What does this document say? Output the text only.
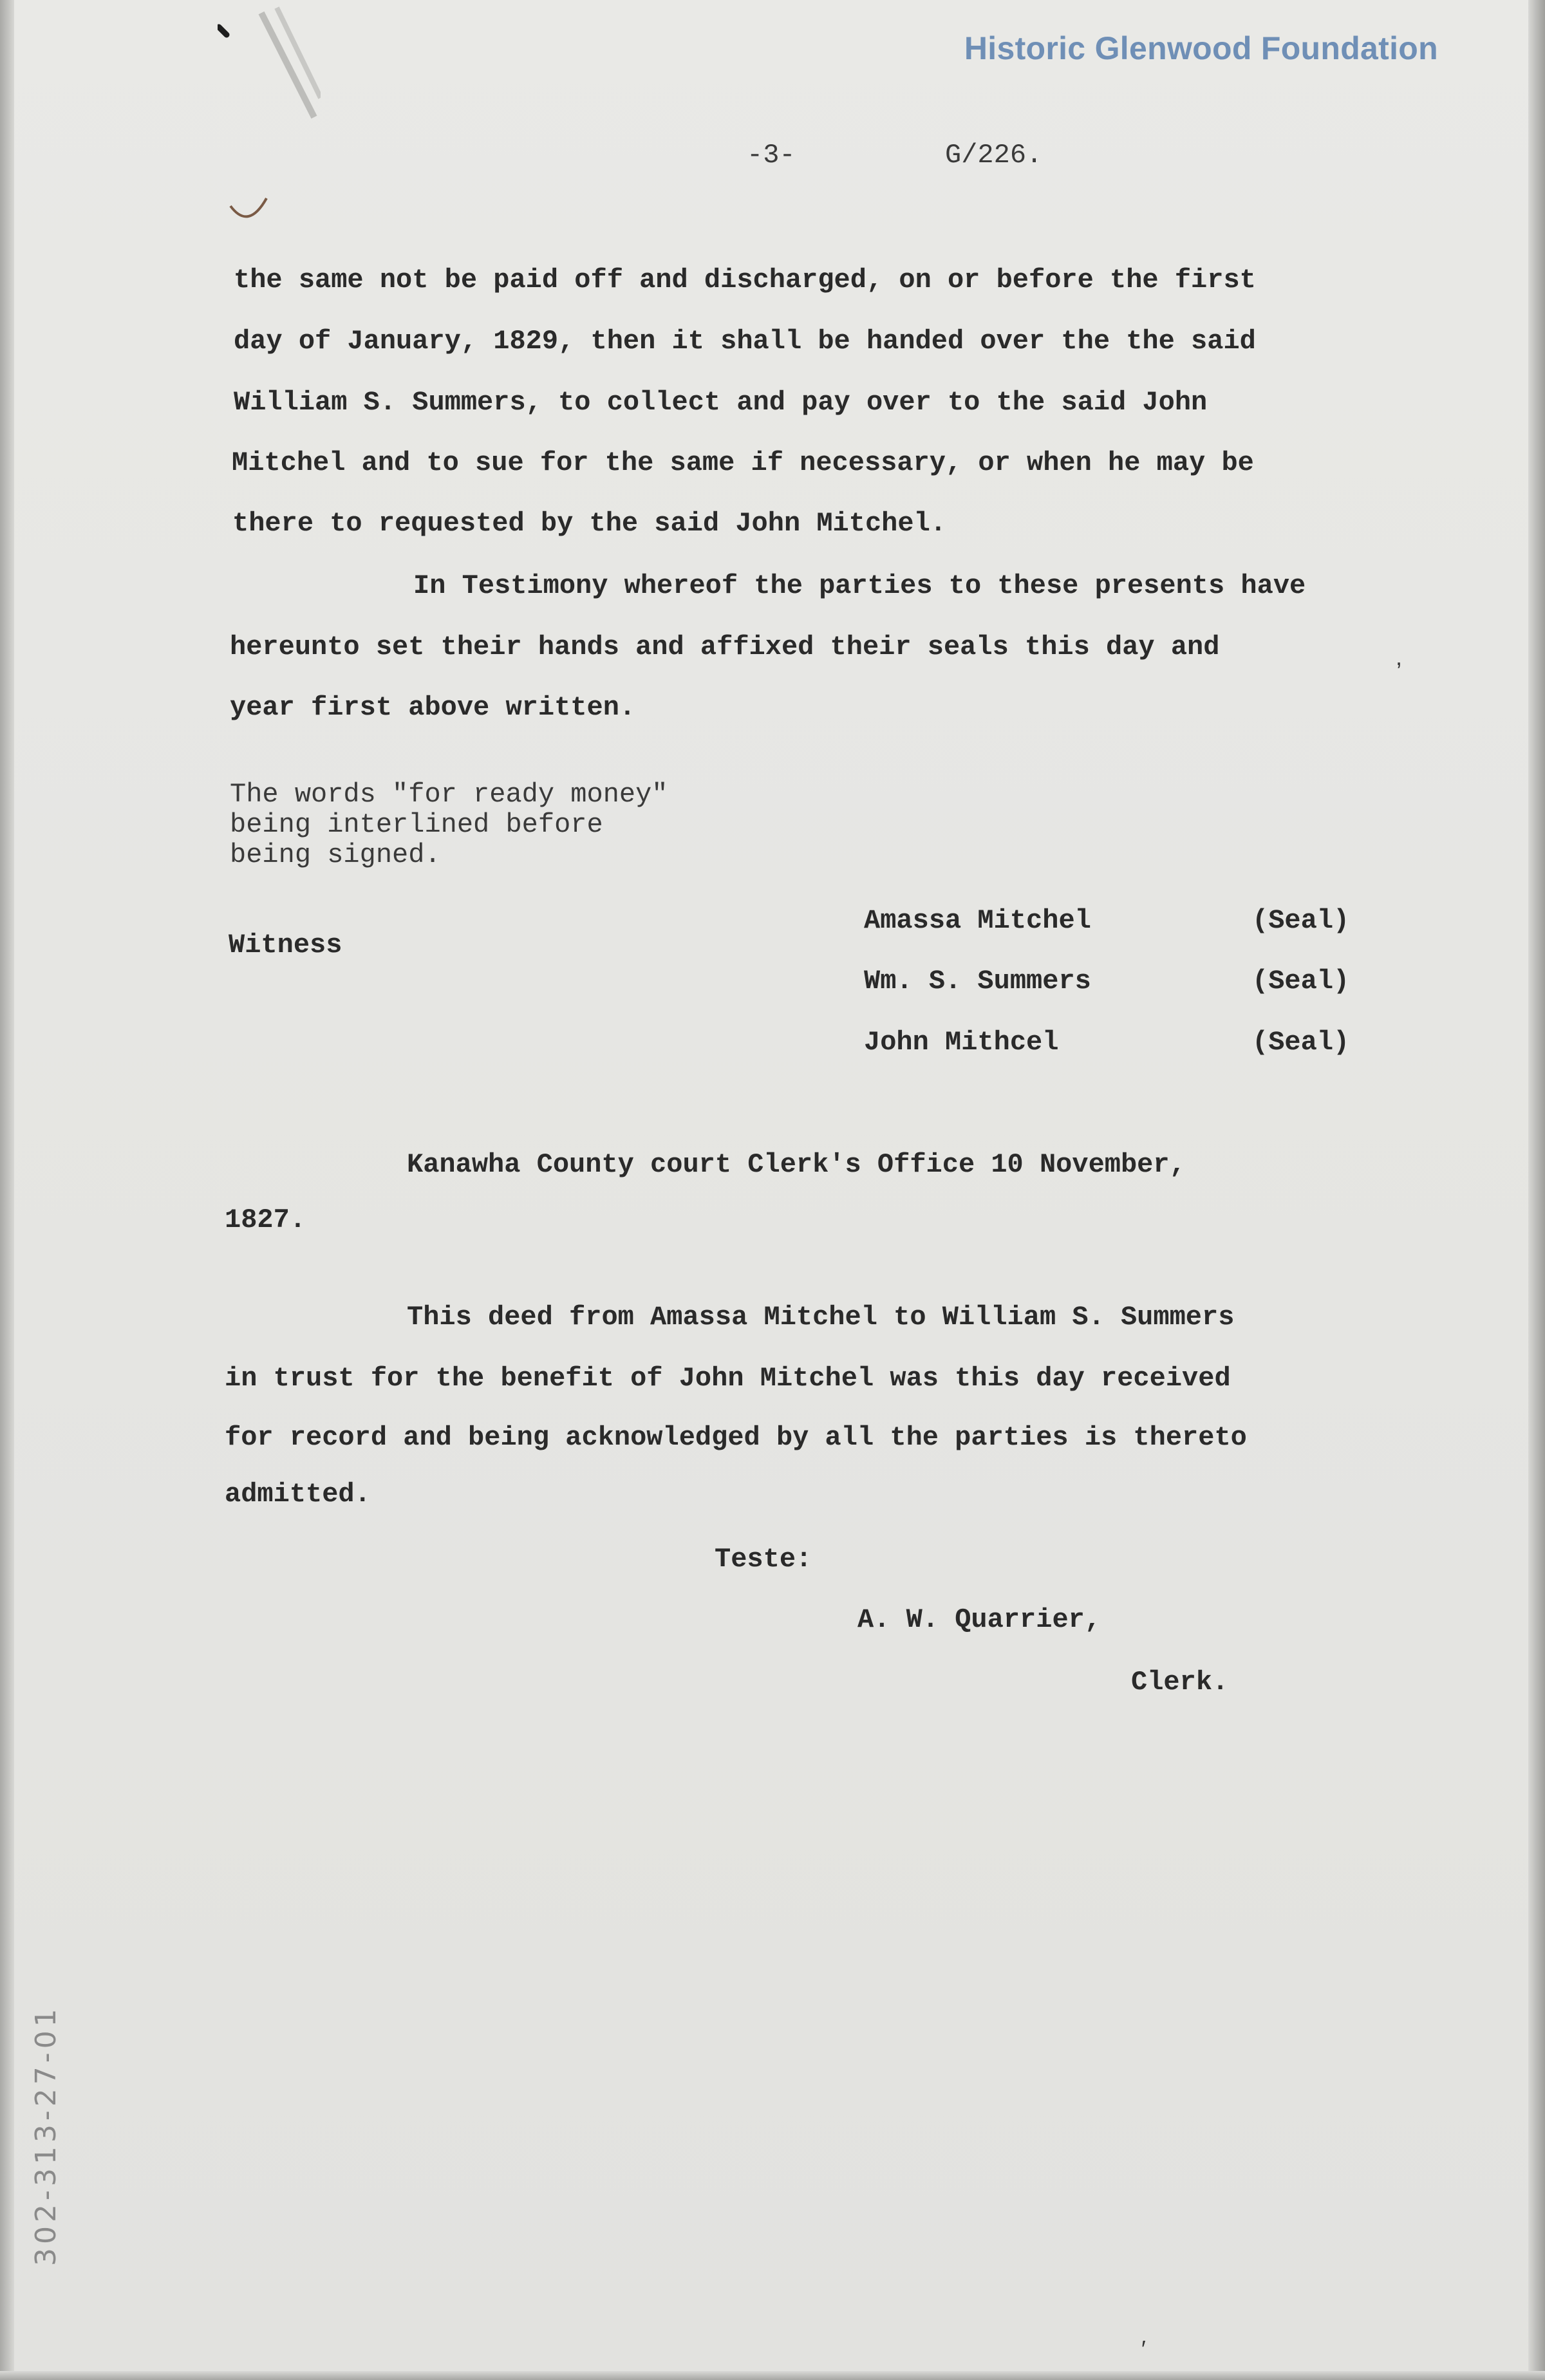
Historic Glenwood Foundation
-3-	G/226.
the same not be paid off and discharged, on or before the first
day of January, 1829, then it shall be handed over the the said
William S. Summers, to collect and pay over to the said John
Mitchel and to sue for the same if necessary, or when he may be
there to requested by the said John Mitchel.
In Testimony whereof the parties to these presents have
hereunto set their hands and affixed their seals this day and
year first above written.
The words "for ready money"
being interlined before
being signed.
Witness
Amassa Mitchel	(Seal)
Wm. S. Summers	(Seal)
John Mithcel	(Seal)
Kanawha County court Clerk's Office 10 November,
1827.
This deed from Amassa Mitchel to William S. Summers
in trust for the benefit of John Mitchel was this day received
for record and being acknowledged by all the parties is thereto
admitted.
Teste:
A. W. Quarrier,
Clerk.
′
,
302-313-27-01
